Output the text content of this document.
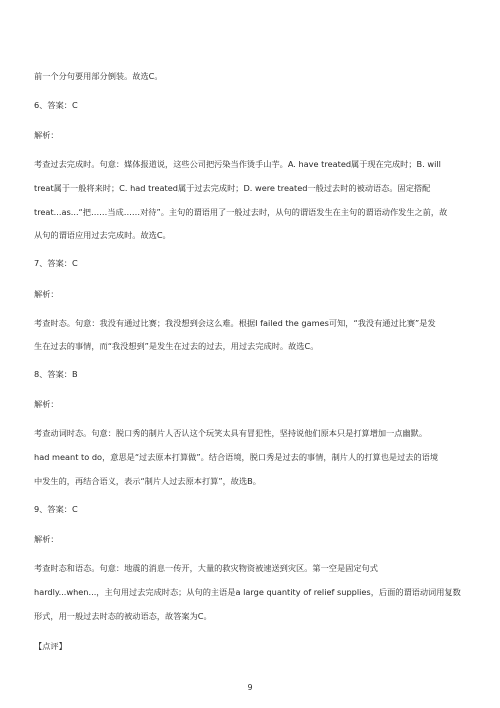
前一个分句要用部分倒装。故选C。
6、答案：C
解析：
考查过去完成时。句意：媒体报道说，这些公司把污染当作烫手山芋。A. have treated属于现在完成时；B. will
treat属于一般将来时；C. had treated属于过去完成时；D. were treated一般过去时的被动语态。固定搭配
treat...as...“把……当成……对待”。主句的谓语用了一般过去时，从句的谓语发生在主句的谓语动作发生之前，故
从句的谓语应用过去完成时。故选C。
7、答案：C
解析：
考查时态。句意：我没有通过比赛；我没想到会这么难。根据I failed the games可知，“我没有通过比赛”是发
生在过去的事情，而“我没想到”是发生在过去的过去，用过去完成时。故选C。
8、答案：B
解析：
考查动词时态。句意：脱口秀的制片人否认这个玩笑太具有冒犯性，坚持说他们原本只是打算增加一点幽默。
had meant to do，意思是“过去原本打算做”。结合语境，脱口秀是过去的事情，制片人的打算也是过去的语境
中发生的，再结合语义，表示“制片人过去原本打算”，故选B。
9、答案：C
解析：
考查时态和语态。句意：地震的消息一传开，大量的救灾物资被速送到灾区。第一空是固定句式
hardly...when...，主句用过去完成时态；从句的主语是a large quantity of relief supplies，后面的谓语动词用复数
形式，用一般过去时态的被动语态，故答案为C。
【点评】
9
